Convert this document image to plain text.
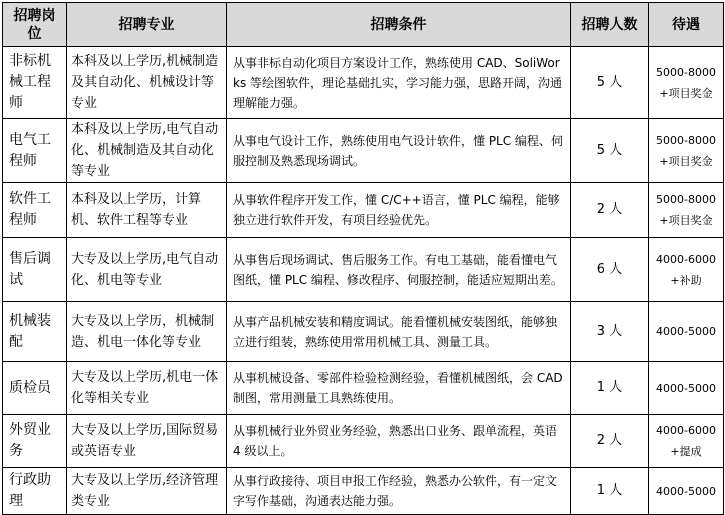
招聘岗位	招聘专业	招聘条件	招聘人数	待遇
非标机械工程师	本科及以上学历,机械制造及其自动化、机械设计等专业	从事非标自动化项目方案设计工作，熟练使用 CAD、SoliWorks 等绘图软件，理论基础扎实，学习能力强，思路开阔，沟通理解能力强。	5 人	5000-8000
+项目奖金
电气工程师	本科及以上学历,电气自动化、机械制造及其自动化等专业	从事电气设计工作，熟练使用电气设计软件，懂 PLC 编程、伺服控制及熟悉现场调试。	5 人	5000-8000
+项目奖金
软件工程师	本科及以上学历，计算机、软件工程等专业	从事软件程序开发工作，懂 C/C++语言，懂 PLC 编程，能够独立进行软件开发，有项目经验优先。	2 人	5000-8000
+项目奖金
售后调试	大专及以上学历,电气自动化、机电等专业	从事售后现场调试、售后服务工作。有电工基础，能看懂电气图纸，懂 PLC 编程、修改程序、伺服控制，能适应短期出差。	6 人	4000-6000
+补助
机械装配	大专及以上学历，机械制造、机电一体化等专业	从事产品机械安装和精度调试。能看懂机械安装图纸，能够独立进行组装，熟练使用常用机械工具、测量工具。	3 人	4000-5000
质检员	大专及以上学历,机电一体化等相关专业	从事机械设备、零部件检验检测经验，看懂机械图纸，会 CAD 制图，常用测量工具熟练使用。	1 人	4000-5000
外贸业务	大专及以上学历,国际贸易或英语专业	从事机械行业外贸业务经验，熟悉出口业务、跟单流程，英语 4 级以上。	2 人	4000-6000
+提成
行政助理	大专及以上学历,经济管理类专业	从事行政接待、项目申报工作经验，熟悉办公软件，有一定文字写作基础，沟通表达能力强。	1 人	4000-5000
